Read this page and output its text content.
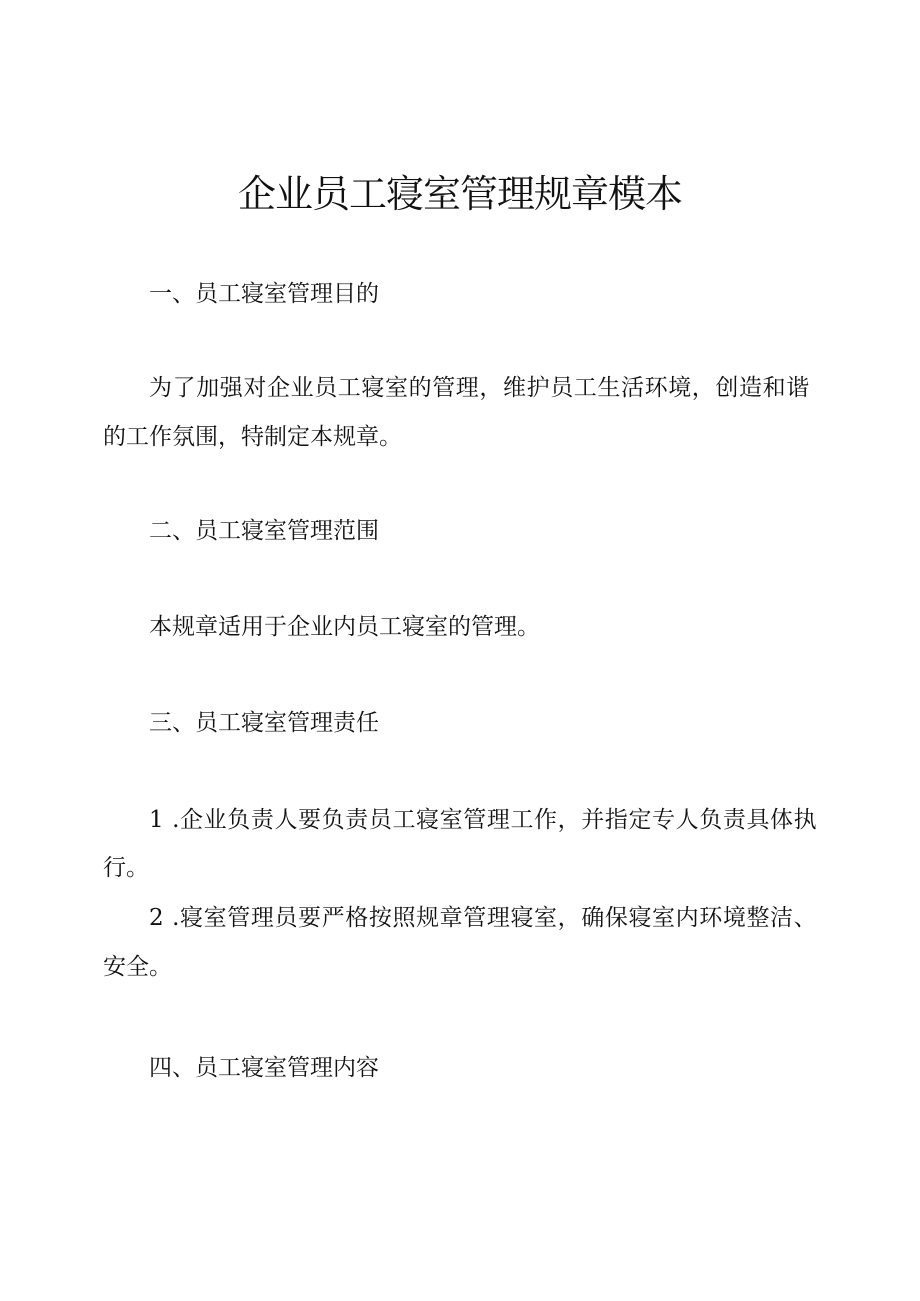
企业员工寝室管理规章模本

一、员工寝室管理目的

为了加强对企业员工寝室的管理，维护员工生活环境，创造和谐

的工作氛围，特制定本规章。

二、员工寝室管理范围

本规章适用于企业内员工寝室的管理。

三、员工寝室管理责任

1 .企业负责人要负责员工寝室管理工作，并指定专人负责具体执

行。

2 .寝室管理员要严格按照规章管理寝室，确保寝室内环境整洁、

安全。

四、员工寝室管理内容
